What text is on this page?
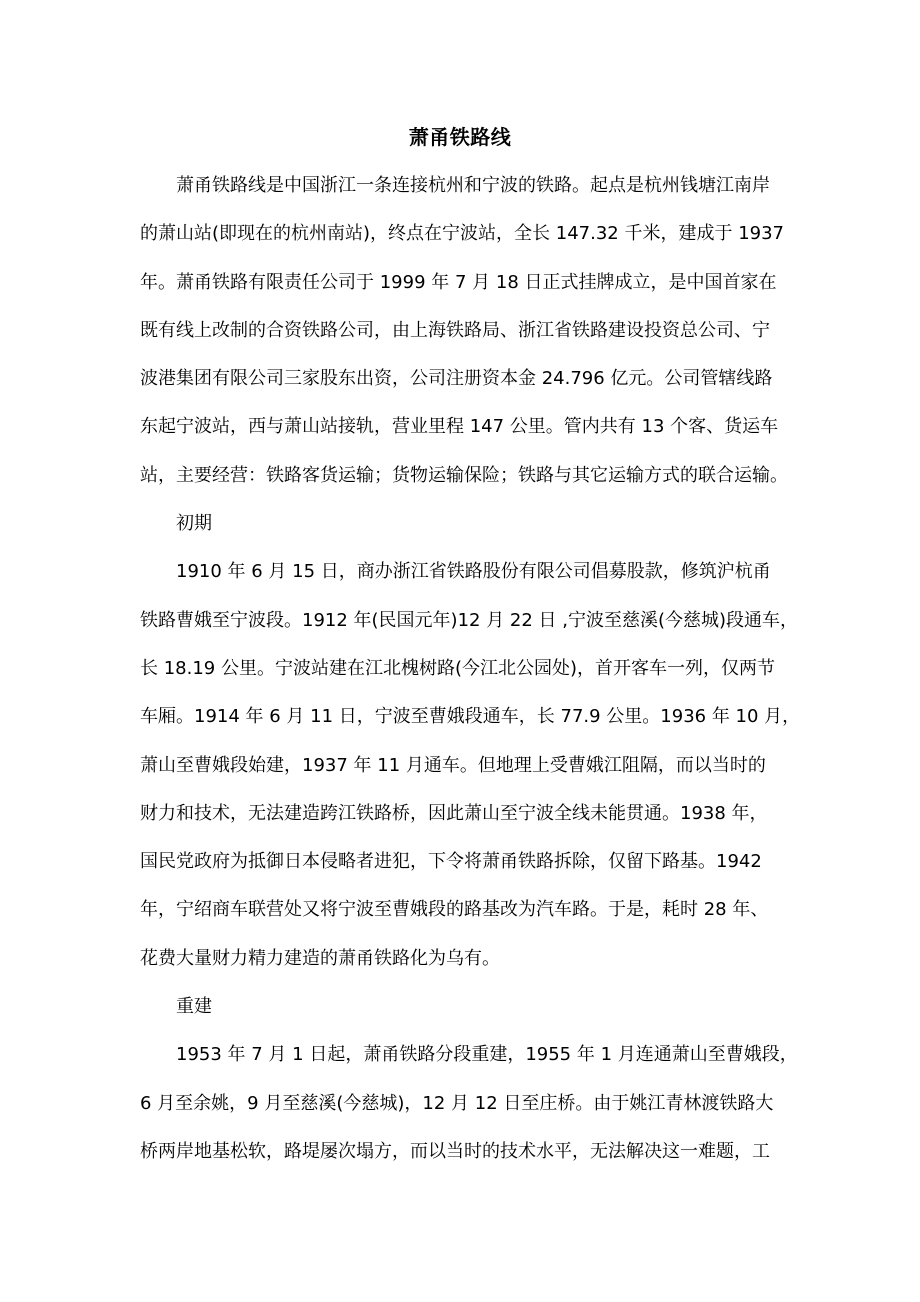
萧甬铁路线
萧甬铁路线是中国浙江一条连接杭州和宁波的铁路。起点是杭州钱塘江南岸
的萧山站(即现在的杭州南站)，终点在宁波站，全长 147.32 千米，建成于 1937
年。萧甬铁路有限责任公司于 1999 年 7 月 18 日正式挂牌成立，是中国首家在
既有线上改制的合资铁路公司，由上海铁路局、浙江省铁路建设投资总公司、宁
波港集团有限公司三家股东出资，公司注册资本金 24.796 亿元。公司管辖线路
东起宁波站，西与萧山站接轨，营业里程 147 公里。管内共有 13 个客、货运车
站，主要经营：铁路客货运输；货物运输保险；铁路与其它运输方式的联合运输。
初期
1910 年 6 月 15 日，商办浙江省铁路股份有限公司倡募股款，修筑沪杭甬
铁路曹娥至宁波段。1912 年(民国元年)12 月 22 日 ,宁波至慈溪(今慈城)段通车，
长 18.19 公里。宁波站建在江北槐树路(今江北公园处)，首开客车一列，仅两节
车厢。1914 年 6 月 11 日，宁波至曹娥段通车，长 77.9 公里。1936 年 10 月，
萧山至曹娥段始建，1937 年 11 月通车。但地理上受曹娥江阻隔，而以当时的
财力和技术，无法建造跨江铁路桥，因此萧山至宁波全线未能贯通。1938 年，
国民党政府为抵御日本侵略者进犯，下令将萧甬铁路拆除，仅留下路基。1942
年，宁绍商车联营处又将宁波至曹娥段的路基改为汽车路。于是，耗时 28 年、
花费大量财力精力建造的萧甬铁路化为乌有。
重建
1953 年 7 月 1 日起，萧甬铁路分段重建，1955 年 1 月连通萧山至曹娥段，
6 月至余姚，9 月至慈溪(今慈城)，12 月 12 日至庄桥。由于姚江青林渡铁路大
桥两岸地基松软，路堤屡次塌方，而以当时的技术水平，无法解决这一难题，工
